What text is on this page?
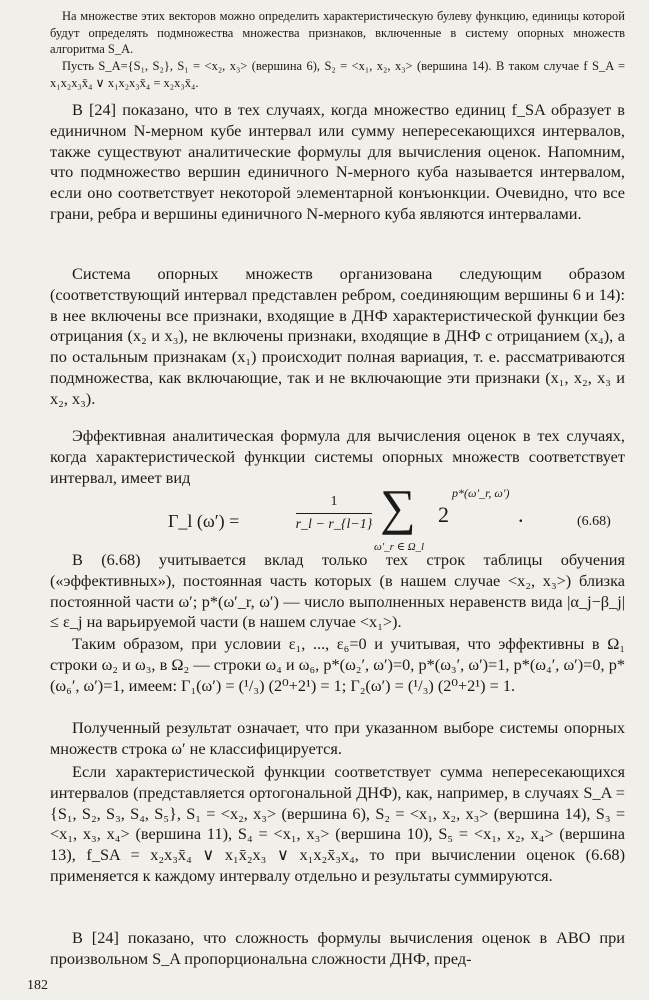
На множестве этих векторов можно определить характеристическую булеву функцию, единицы которой будут определять подмножества множества признаков, включенные в систему опорных множеств алгоритма S_A.
Пусть S_A={S₁, S₂}, S₁ = <x₂, x₃> (вершина 6), S₂ = <x₁, x₂, x₃> (вершина 14). В таком случае f S_A = x₁x₂x₃x̄₄ ∨ x₁x₂x₃x̄₄ = x₂x₃x̄₄.
В [24] показано, что в тех случаях, когда множество единиц f_SA образует в единичном N-мерном кубе интервал или сумму непересекающихся интервалов, также существуют аналитические формулы для вычисления оценок. Напомним, что подмножество вершин единичного N-мерного куба называется интервалом, если оно соответствует некоторой элементарной конъюнкции. Очевидно, что все грани, ребра и вершины единичного N-мерного куба являются интервалами.
Система опорных множеств организована следующим образом (соответствующий интервал представлен ребром, соединяющим вершины 6 и 14): в нее включены все признаки, входящие в ДНФ характеристической функции без отрицания (x₂ и x₃), не включены признаки, входящие в ДНФ с отрицанием (x₄), а по остальным признакам (x₁) происходит полная вариация, т. е. рассматриваются подмножества, как включающие, так и не включающие эти признаки (x₁, x₂, x₃ и x₂, x₃).
Эффективная аналитическая формула для вычисления оценок в тех случаях, когда характеристической функции системы опорных множеств соответствует интервал, имеет вид
Γ_l (ω′) =
1
r_l − r_{l−1} ∑
ω′_r ∈ Ω_l
2
p*(ω′_r, ω′)
.	(6.68)
В (6.68) учитывается вклад только тех строк таблицы обучения («эффективных»), постоянная часть которых (в нашем случае <x₂, x₃>) близка постоянной части ω′; p*(ω′_r, ω′) — число выполненных неравенств вида |α_j−β_j| ≤ ε_j на варьируемой части (в нашем случае <x₁>).
Таким образом, при условии ε₁, ..., ε₆=0 и учитывая, что эффективны в Ω₁ строки ω₂ и ω₃, в Ω₂ — строки ω₄ и ω₆, p*(ω₂′, ω′)=0, p*(ω₃′, ω′)=1, p*(ω₄′, ω′)=0, p*(ω₆′, ω′)=1, имеем: Γ₁(ω′) = (¹/₃) (2⁰+2¹) = 1; Γ₂(ω′) = (¹/₃) (2⁰+2¹) = 1.
Полученный результат означает, что при указанном выборе системы опорных множеств строка ω′ не классифицируется.
Если характеристической функции соответствует сумма непересекающихся интервалов (представляется ортогональной ДНФ), как, например, в случаях S_A = {S₁, S₂, S₃, S₄, S₅}, S₁ = <x₂, x₃> (вершина 6), S₂ = <x₁, x₂, x₃> (вершина 14), S₃ = <x₁, x₃, x₄> (вершина 11), S₄ = <x₁, x₃> (вершина 10), S₅ = <x₁, x₂, x₄> (вершина 13), f_SA = x₂x₃x̄₄ ∨ x₁x̄₂x₃ ∨ x₁x₂x̄₃x₄, то при вычислении оценок (6.68) применяется к каждому интервалу отдельно и результаты суммируются.
В [24] показано, что сложность формулы вычисления оценок в АВО при произвольном S_A пропорциональна сложности ДНФ, пред-
182
